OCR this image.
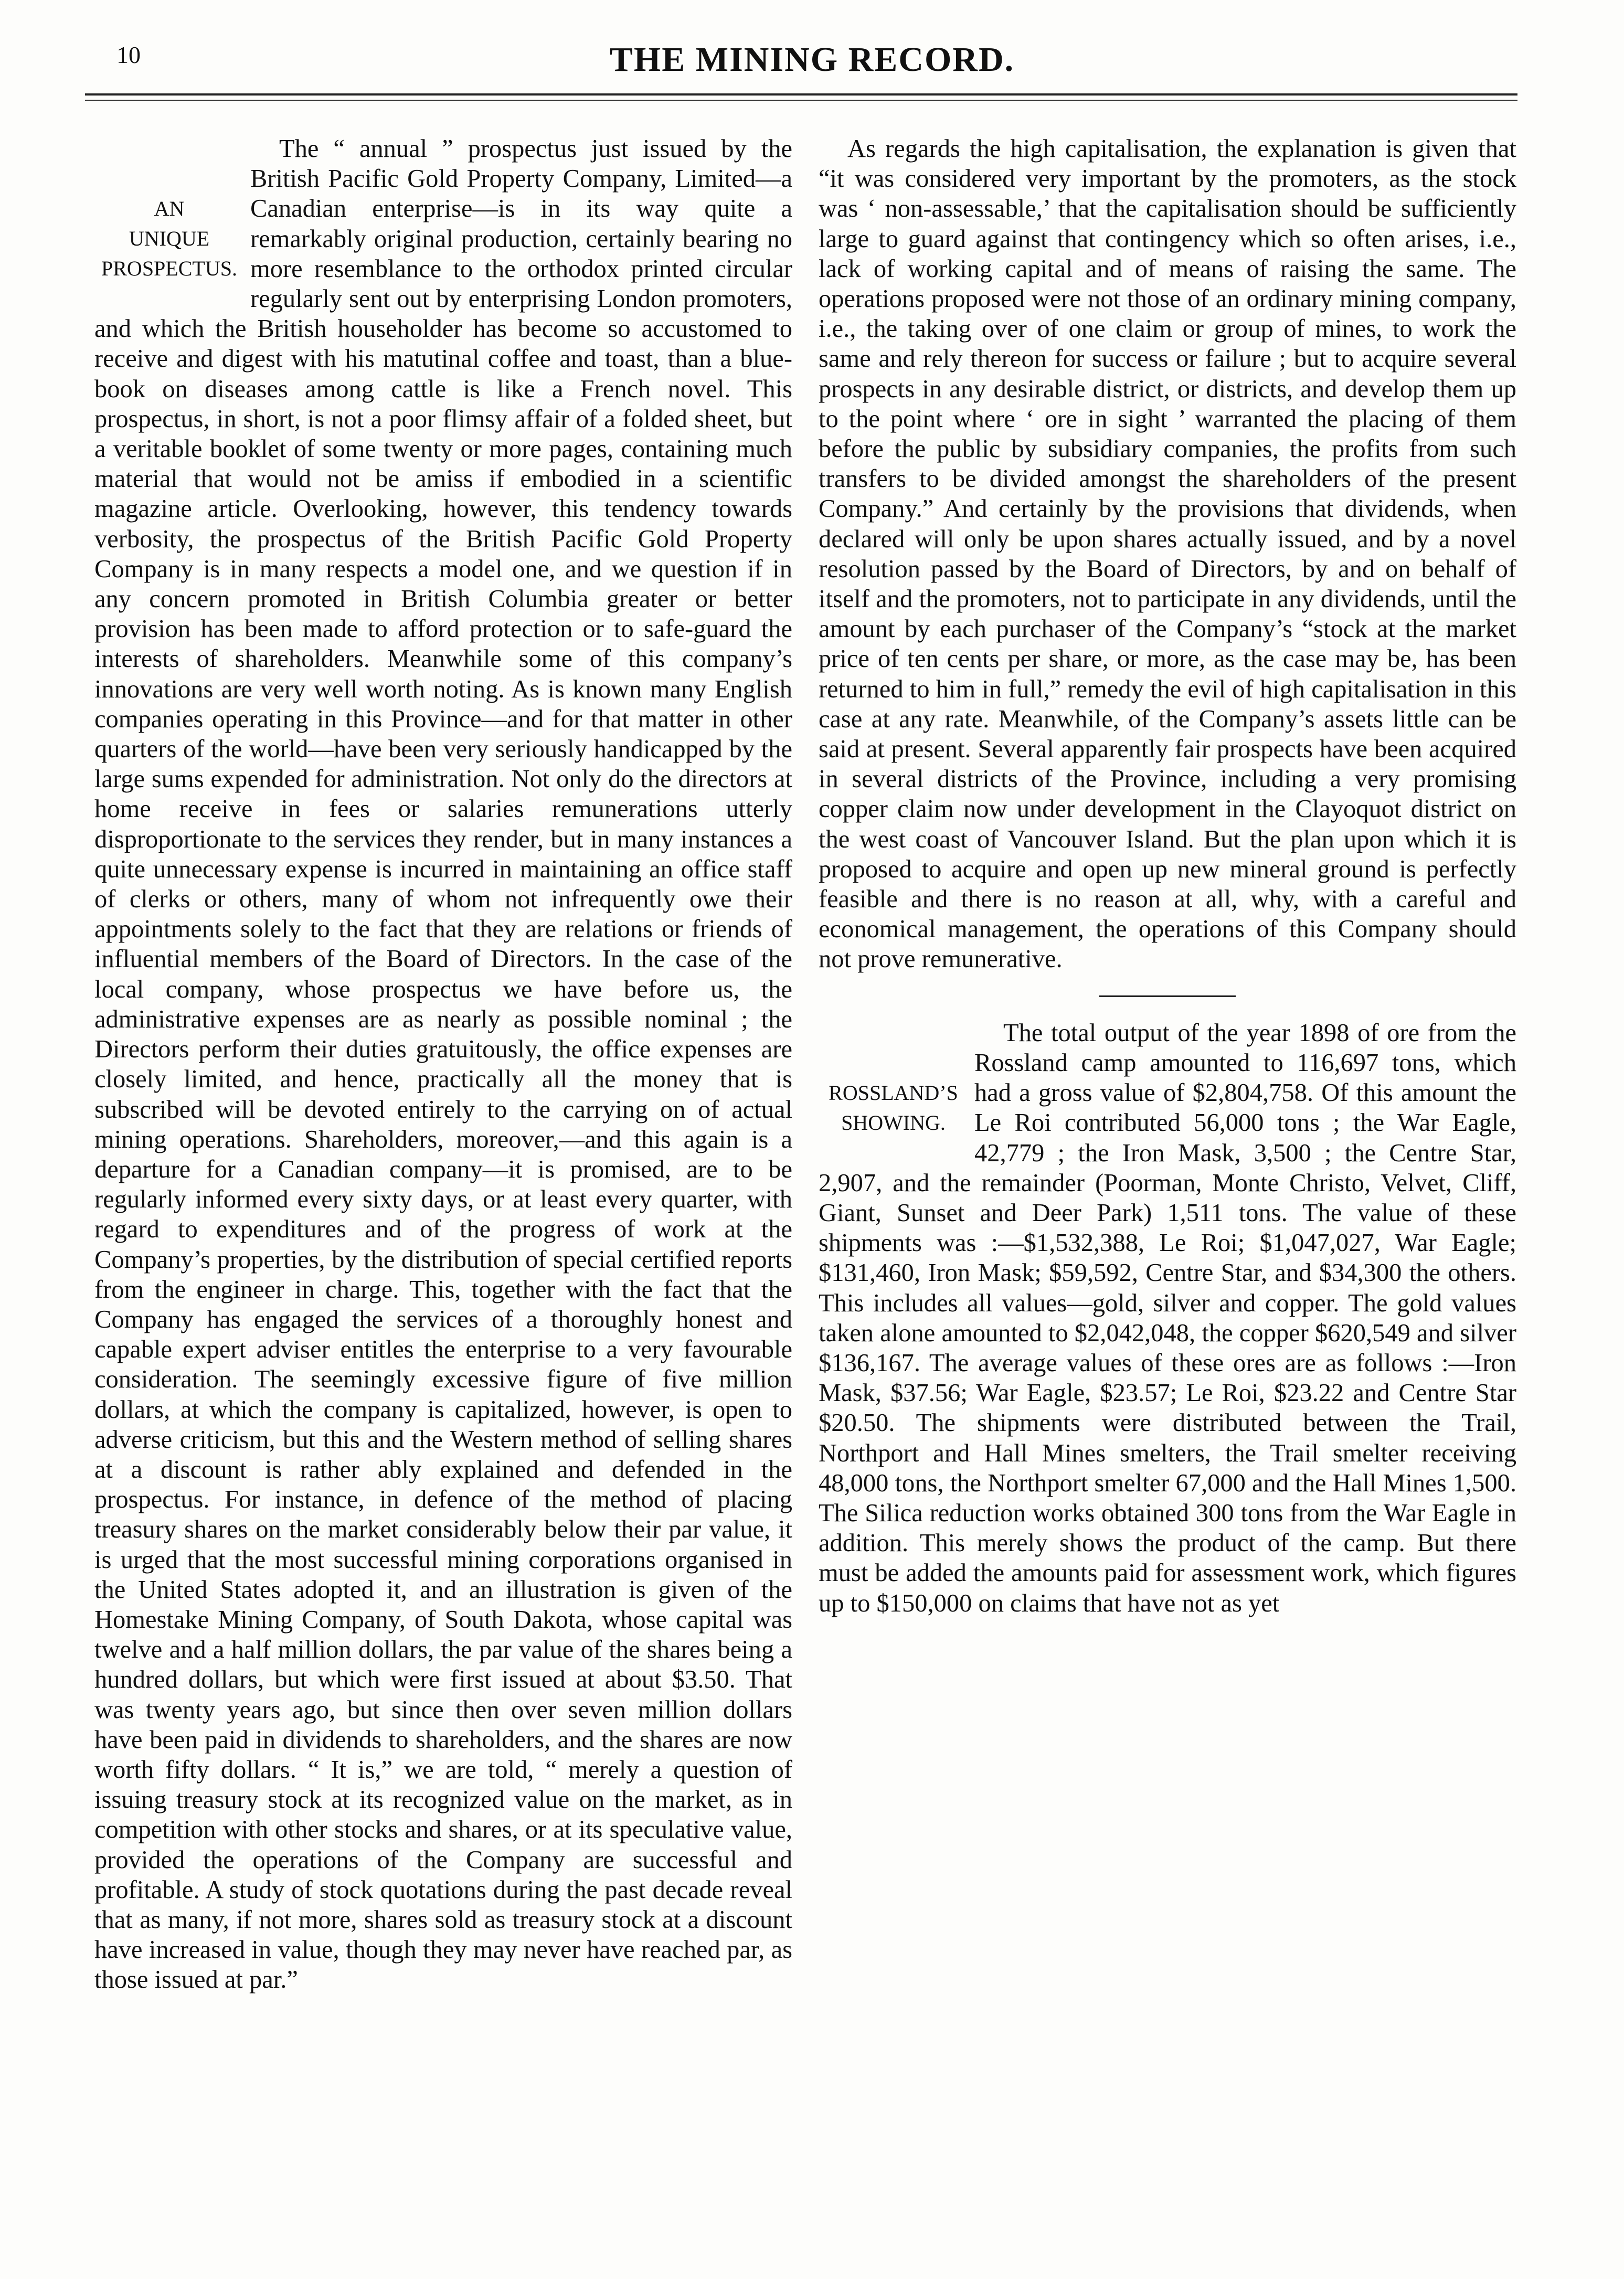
10	THE MINING RECORD.

AN
UNIQUE
PROSPECTUS.
The “ annual ” prospectus just issued by the British Pacific Gold Property Company, Limited—a Canadian enterprise—is in its way quite a remarkably original production, certainly bearing no more resemblance to the orthodox printed circular regularly sent out by enterprising London promoters, and which the British householder has become so accustomed to receive and digest with his matutinal coffee and toast, than a blue-book on diseases among cattle is like a French novel. This prospectus, in short, is not a poor flimsy affair of a folded sheet, but a veritable booklet of some twenty or more pages, containing much material that would not be amiss if embodied in a scientific magazine article. Overlooking, however, this tendency towards verbosity, the prospectus of the British Pacific Gold Property Company is in many respects a model one, and we question if in any concern promoted in British Columbia greater or better provision has been made to afford protection or to safe-guard the interests of shareholders. Meanwhile some of this company’s innovations are very well worth noting. As is known many English companies operating in this Province—and for that matter in other quarters of the world—have been very seriously handicapped by the large sums expended for administration. Not only do the directors at home receive in fees or salaries remunerations utterly disproportionate to the services they render, but in many instances a quite unnecessary expense is incurred in maintaining an office staff of clerks or others, many of whom not infrequently owe their appointments solely to the fact that they are relations or friends of influential members of the Board of Directors. In the case of the local company, whose prospectus we have before us, the administrative expenses are as nearly as possible nominal ; the Directors perform their duties gratuitously, the office expenses are closely limited, and hence, practically all the money that is subscribed will be devoted entirely to the carrying on of actual mining operations. Shareholders, moreover,—and this again is a departure for a Canadian company—it is promised, are to be regularly informed every sixty days, or at least every quarter, with regard to expenditures and of the progress of work at the Company’s properties, by the distribution of special certified reports from the engineer in charge. This, together with the fact that the Company has engaged the services of a thoroughly honest and capable expert adviser entitles the enterprise to a very favourable consideration. The seemingly excessive figure of five million dollars, at which the company is capitalized, however, is open to adverse criticism, but this and the Western method of selling shares at a discount is rather ably explained and defended in the prospectus. For instance, in defence of the method of placing treasury shares on the market considerably below their par value, it is urged that the most successful mining corporations organised in the United States adopted it, and an illustration is given of the Homestake Mining Company, of South Dakota, whose capital was twelve and a half million dollars, the par value of the shares being a hundred dollars, but which were first issued at about $3.50. That was twenty years ago, but since then over seven million dollars have been paid in dividends to shareholders, and the shares are now worth fifty dollars. “ It is,” we are told, “ merely a question of issuing treasury stock at its recognized value on the market, as in competition with other stocks and shares, or at its speculative value, provided the operations of the Company are successful and profitable. A study of stock quotations during the past decade reveal that as many, if not more, shares sold as treasury stock at a discount have increased in value, though they may never have reached par, as those issued at par.”

As regards the high capitalisation, the explanation is given that “it was considered very important by the promoters, as the stock was ‘ non-assessable,’ that the capitalisation should be sufficiently large to guard against that contingency which so often arises, i.e., lack of working capital and of means of raising the same. The operations proposed were not those of an ordinary mining company, i.e., the taking over of one claim or group of mines, to work the same and rely thereon for success or failure ; but to acquire several prospects in any desirable district, or districts, and develop them up to the point where ‘ ore in sight ’ warranted the placing of them before the public by subsidiary companies, the profits from such transfers to be divided amongst the shareholders of the present Company.” And certainly by the provisions that dividends, when declared will only be upon shares actually issued, and by a novel resolution passed by the Board of Directors, by and on behalf of itself and the promoters, not to participate in any dividends, until the amount by each purchaser of the Company’s “stock at the market price of ten cents per share, or more, as the case may be, has been returned to him in full,” remedy the evil of high capitalisation in this case at any rate. Meanwhile, of the Company’s assets little can be said at present. Several apparently fair prospects have been acquired in several districts of the Province, including a very promising copper claim now under development in the Clayoquot district on the west coast of Vancouver Island. But the plan upon which it is proposed to acquire and open up new mineral ground is perfectly feasible and there is no reason at all, why, with a careful and economical management, the operations of this Company should not prove remunerative.

ROSSLAND’S
SHOWING.
The total output of the year 1898 of ore from the Rossland camp amounted to 116,697 tons, which had a gross value of $2,804,758. Of this amount the Le Roi contributed 56,000 tons ; the War Eagle, 42,779 ; the Iron Mask, 3,500 ; the Centre Star, 2,907, and the remainder (Poorman, Monte Christo, Velvet, Cliff, Giant, Sunset and Deer Park) 1,511 tons. The value of these shipments was :—$1,532,388, Le Roi; $1,047,027, War Eagle; $131,460, Iron Mask; $59,592, Centre Star, and $34,300 the others. This includes all values—gold, silver and copper. The gold values taken alone amounted to $2,042,048, the copper $620,549 and silver $136,167. The average values of these ores are as follows :—Iron Mask, $37.56; War Eagle, $23.57; Le Roi, $23.22 and Centre Star $20.50. The shipments were distributed between the Trail, Northport and Hall Mines smelters, the Trail smelter receiving 48,000 tons, the Northport smelter 67,000 and the Hall Mines 1,500. The Silica reduction works obtained 300 tons from the War Eagle in addition. This merely shows the product of the camp. But there must be added the amounts paid for assessment work, which figures up to $150,000 on claims that have not as yet
